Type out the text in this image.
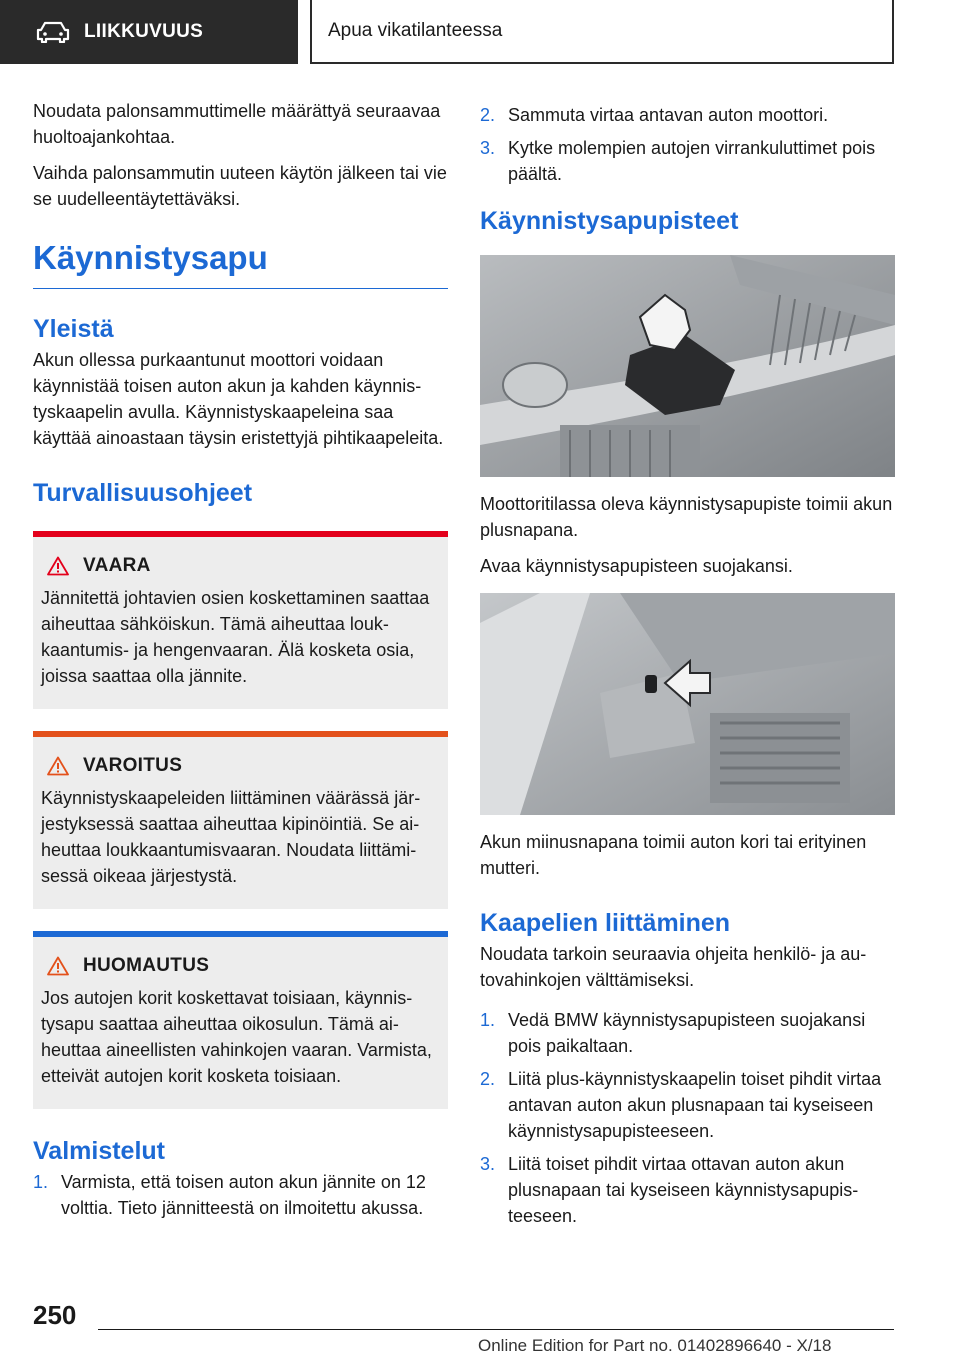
LIIKKUVUUS	Apua vikatilanteessa

Noudata palonsammuttimelle määrättyä seuraavaa huoltoajankohtaa.

Vaihda palonsammutin uuteen käytön jälkeen tai vie se uudelleentäytettäväksi.

Käynnistysapu
Yleistä

Akun ollessa purkaantunut moottori voidaan käynnistää toisen auton akun ja kahden käynnistyskaapelin avulla. Käynnistyskaapeleina saa käyttää ainoastaan täysin eristettyjä pihtikaapeleita.

Turvallisuusohjeet
VAARA

Jännitettä johtavien osien koskettaminen saattaa aiheuttaa sähköiskun. Tämä aiheuttaa loukkaantumis- ja hengenvaaran. Älä kosketa osia, joissa saattaa olla jännite.

VAROITUS

Käynnistyskaapeleiden liittäminen väärässä järjestyksessä saattaa aiheuttaa kipinöintiä. Se aiheuttaa loukkaantumisvaaran. Noudata liittämisessä oikeaa järjestystä.

HUOMAUTUS

Jos autojen korit koskettavat toisiaan, käynnistysapu saattaa aiheuttaa oikosulun. Tämä aiheuttaa aineellisten vahinkojen vaaran. Varmista, etteivät autojen korit kosketa toisiaan.

Valmistelut
1. Varmista, että toisen auton akun jännite on 12 volttia. Tieto jännitteestä on ilmoitettu akussa.
2. Sammuta virtaa antavan auton moottori.
3. Kytke molempien autojen virrankuluttimet pois päältä.
Käynnistysapupisteet

Moottoritilassa oleva käynnistysapupiste toimii akun plusnapana.

Avaa käynnistysapupisteen suojakansi.

Akun miinusnapana toimii auton kori tai erityinen mutteri.

Kaapelien liittäminen

Noudata tarkoin seuraavia ohjeita henkilö- ja autovahinkojen välttämiseksi.

1. Vedä BMW käynnistysapupisteen suojakansi pois paikaltaan.
2. Liitä plus-käynnistyskaapelin toiset pihdit virtaa antavan auton akun plusnapaan tai kyseiseen käynnistysapupisteeseen.
3. Liitä toiset pihdit virtaa ottavan auton akun plusnapaan tai kyseiseen käynnistysapupisteeseen.
250
Online Edition for Part no. 01402896640 - X/18
